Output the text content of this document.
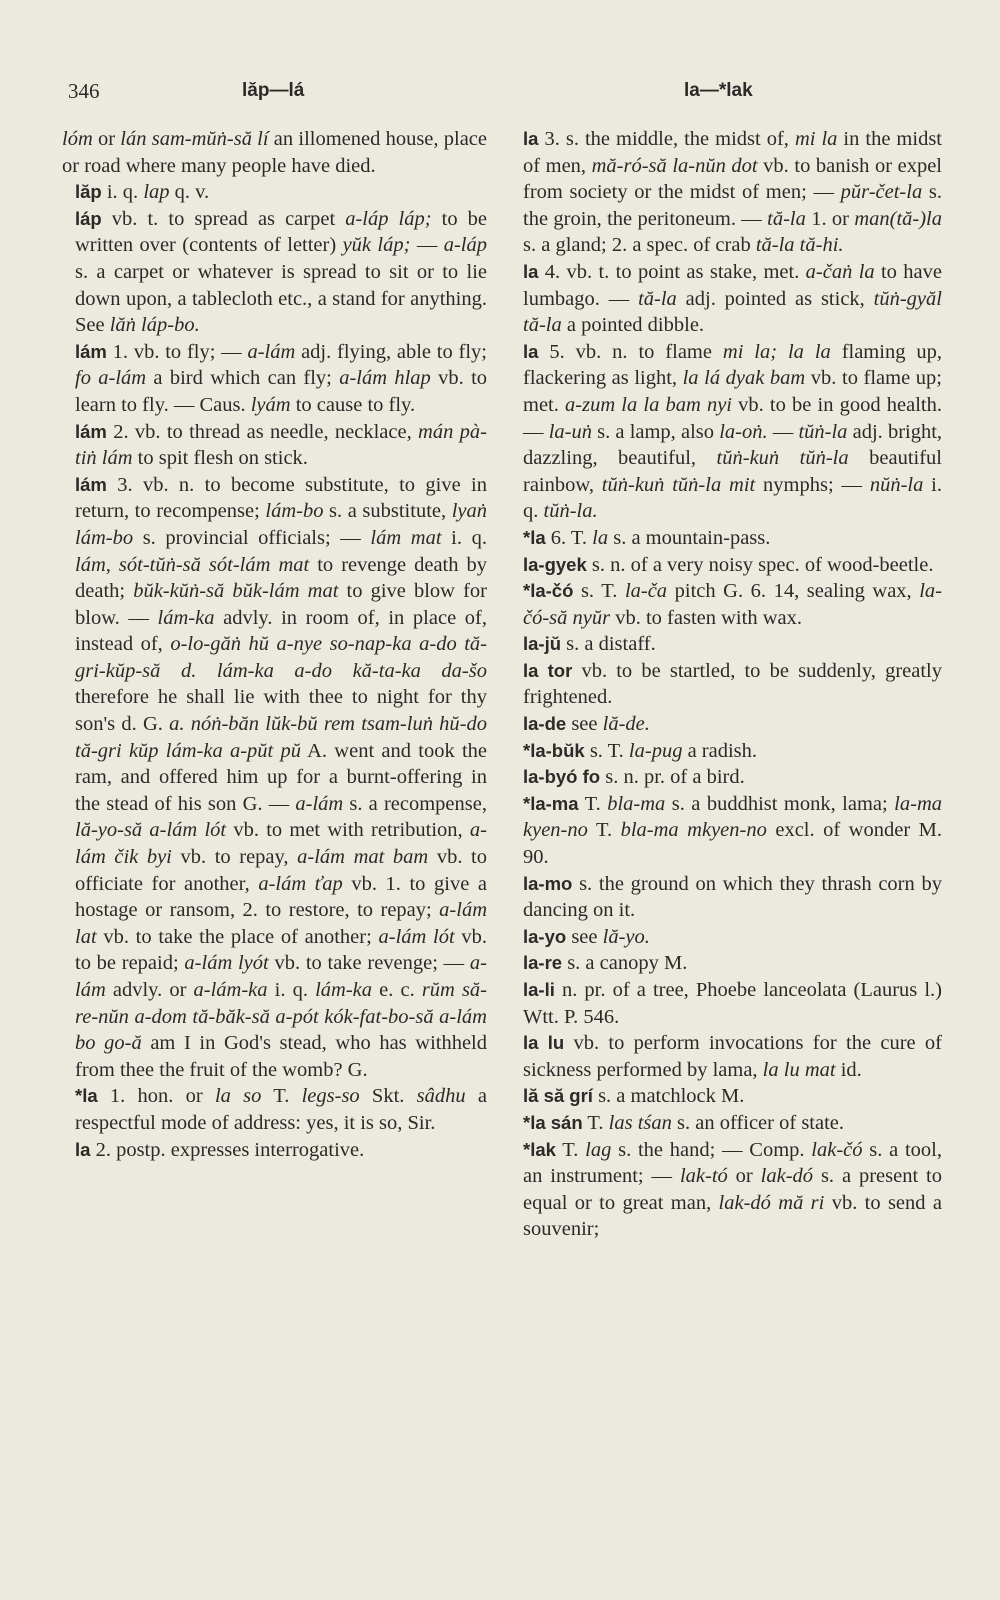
346	lăp—lá	la—*lak

lóm or lán sam-mŭṅ-să lí an illomened house, place or road where many people have died.

lăp i. q. lap q. v.

láp vb. t. to spread as carpet a-láp láp; to be written over (contents of letter) yŭk láp; — a-láp s. a carpet or whatever is spread to sit or to lie down upon, a tablecloth etc., a stand for anything. See lăṅ láp-bo.

lám 1. vb. to fly; — a-lám adj. flying, able to fly; fo a-lám a bird which can fly; a-lám hlap vb. to learn to fly. — Caus. lyám to cause to fly.

lám 2. vb. to thread as needle, necklace, mán pà-tiṅ lám to spit flesh on stick.

lám 3. vb. n. to become substitute, to give in return, to recompense; lám-bo s. a substitute, lyaṅ lám-bo s. provincial officials; — lám mat i. q. lám, sót-tŭṅ-să sót-lám mat to revenge death by death; bŭk-kŭṅ-să bŭk-lám mat to give blow for blow. — lám-ka advly. in room of, in place of, instead of, o-lo-găṅ hŭ a-nye so-nap-ka a-do tă-gri-kŭp-să d. lám-ka a-do kă-ta-ka da-šo therefore he shall lie with thee to night for thy son's d. G. a. nóṅ-băn lŭk-bŭ rem tsam-luṅ hŭ-do tă-gri kŭp lám-ka a-pŭt pŭ A. went and took the ram, and offered him up for a burnt-offering in the stead of his son G. — a-lám s. a recompense, lă-yo-să a-lám lót vb. to met with retribution, a-lám čik byi vb. to repay, a-lám mat bam vb. to officiate for another, a-lám ťap vb. 1. to give a hostage or ransom, 2. to restore, to repay; a-lám lat vb. to take the place of another; a-lám lót vb. to be repaid; a-lám lyót vb. to take revenge; — a-lám advly. or a-lám-ka i. q. lám-ka e. c. rŭm să-re-nŭn a-dom tă-băk-să a-pót kók-fat-bo-să a-lám bo go-ă am I in God's stead, who has withheld from thee the fruit of the womb? G.

*la 1. hon. or la so T. legs-so Skt. sâdhu a respectful mode of address: yes, it is so, Sir.

la 2. postp. expresses interrogative.

la 3. s. the middle, the midst of, mi la in the midst of men, mă-ró-să la-nŭn dot vb. to banish or expel from society or the midst of men; — pŭr-čet-la s. the groin, the peritoneum. — tă-la 1. or man(tă-)la s. a gland; 2. a spec. of crab tă-la tă-hi.

la 4. vb. t. to point as stake, met. a-čaṅ la to have lumbago. — tă-la adj. pointed as stick, tŭṅ-gyăl tă-la a pointed dibble.

la 5. vb. n. to flame mi la; la la flaming up, flackering as light, la lá dyak bam vb. to flame up; met. a-zum la la bam nyi vb. to be in good health. — la-uṅ s. a lamp, also la-oṅ. — tŭṅ-la adj. bright, dazzling, beautiful, tŭṅ-kuṅ tŭṅ-la beautiful rainbow, tŭṅ-kuṅ tŭṅ-la mit nymphs; — nŭṅ-la i. q. tŭṅ-la.

*la 6. T. la s. a mountain-pass.

la-gyek s. n. of a very noisy spec. of wood-beetle.

*la-čó s. T. la-ča pitch G. 6. 14, sealing wax, la-čó-să nyŭr vb. to fasten with wax.

la-jŭ s. a distaff.

la tor vb. to be startled, to be suddenly, greatly frightened.

la-de see lă-de.

*la-bŭk s. T. la-pug a radish.

la-byó fo s. n. pr. of a bird.

*la-ma T. bla-ma s. a buddhist monk, lama; la-ma kyen-no T. bla-ma mkyen-no excl. of wonder M. 90.

la-mo s. the ground on which they thrash corn by dancing on it.

la-yo see lă-yo.

la-re s. a canopy M.

la-li n. pr. of a tree, Phoebe lanceolata (Laurus l.) Wtt. P. 546.

la lu vb. to perform invocations for the cure of sickness performed by lama, la lu mat id.

lă să grí s. a matchlock M.

*la sán T. las tśan s. an officer of state.

*lak T. lag s. the hand; — Comp. lak-čó s. a tool, an instrument; — lak-tó or lak-dó s. a present to equal or to great man, lak-dó mă ri vb. to send a souvenir;
